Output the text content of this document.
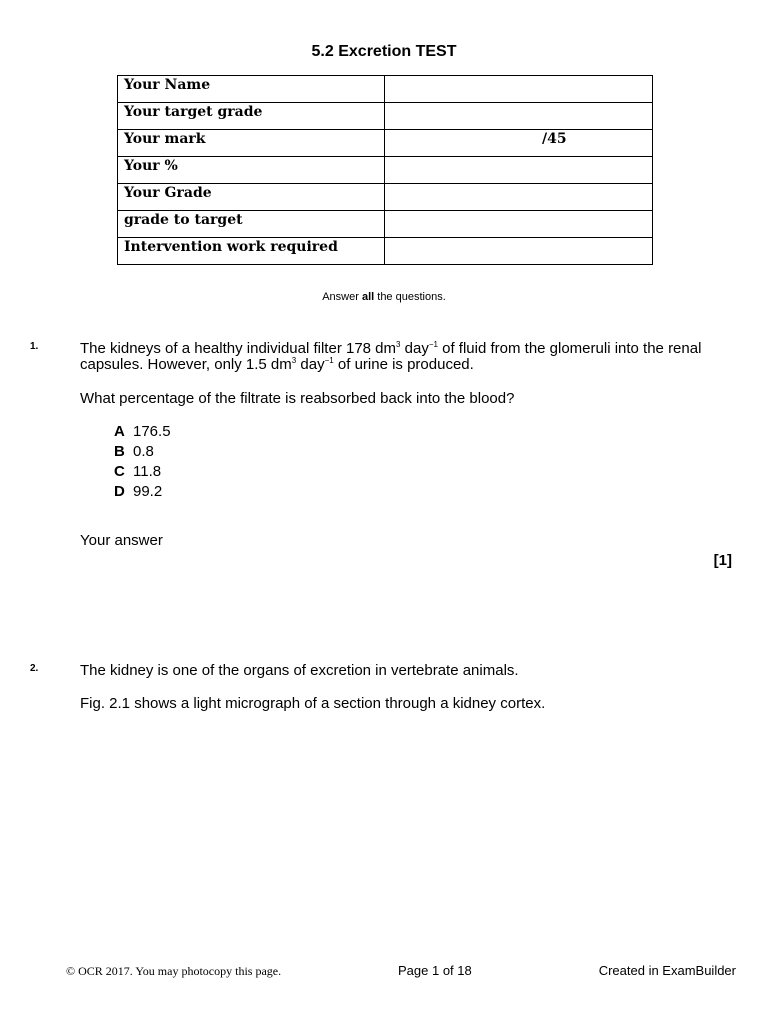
5.2 Excretion TEST
Your Name	
Your target grade	
Your mark	/45
Your %	
Your Grade	
grade to target	
Intervention work required	
Answer all the questions.
1.	The kidneys of a healthy individual filter 178 $dm^3$ day$^{-1}$ of fluid from the glomeruli into the renal
capsules. However, only 1.5 $dm^3$ day$^{-1}$ of urine is produced.
What percentage of the filtrate is reabsorbed back into the blood?
A 176.5
B 0.8
C 11.8
D 99.2
Your answer
[1]
2.	The kidney is one of the organs of excretion in vertebrate animals.
Fig. 2.1 shows a light micrograph of a section through a kidney cortex.
© OCR 2017. You may photocopy this page.	Page 1 of 18	Created in ExamBuilder
